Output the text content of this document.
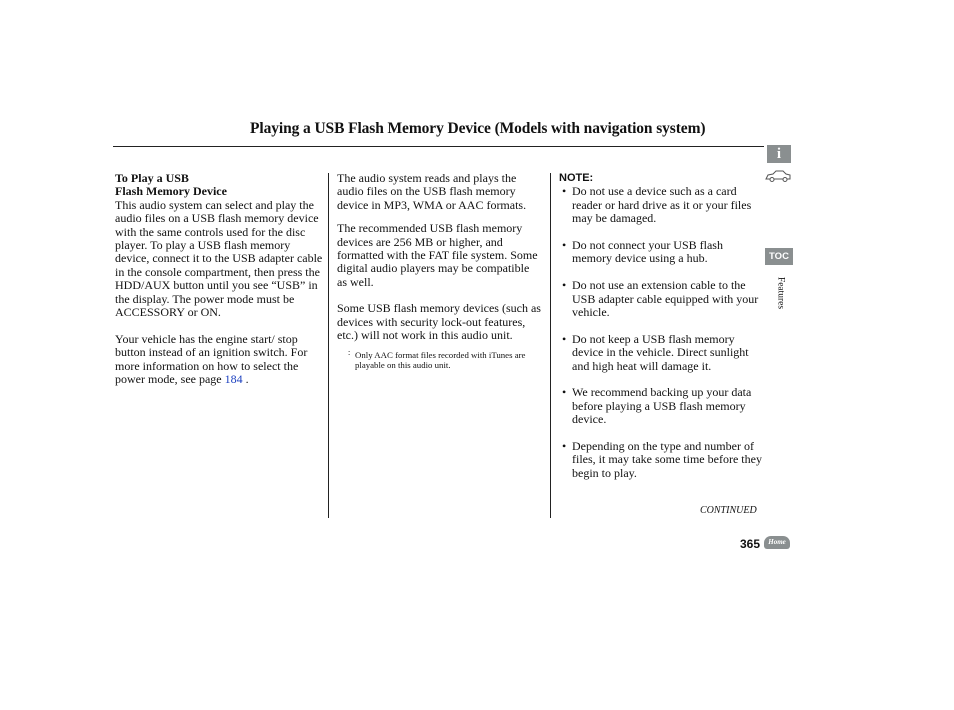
Playing a USB Flash Memory Device (Models with navigation system)

To Play a USB

Flash Memory Device

This audio system can select and play the audio files on a USB flash memory device with the same controls used for the disc player. To play a USB flash memory device, connect it to the USB adapter cable in the console compartment, then press the HDD/AUX button until you see “USB” in the display. The power mode must be ACCESSORY or ON.

Your vehicle has the engine start/ stop button instead of an ignition switch. For more information on how to select the power mode, see page 184 .

The audio system reads and plays the audio files on the USB flash memory device in MP3, WMA or AAC formats.

The recommended USB flash memory devices are 256 MB or higher, and formatted with the FAT file system. Some digital audio players may be compatible as well.

Some USB flash memory devices (such as devices with security lock-out features, etc.) will not work in this audio unit.

: Only AAC format files recorded with iTunes are playable on this audio unit.

NOTE:

• Do not use a device such as a card reader or hard drive as it or your files may be damaged.
• Do not connect your USB flash memory device using a hub.
• Do not use an extension cable to the USB adapter cable equipped with your vehicle.
• Do not keep a USB flash memory device in the vehicle. Direct sunlight and high heat will damage it.
• We recommend backing up your data before playing a USB flash memory device.
• Depending on the type and number of files, it may take some time before they begin to play.
CONTINUED
365	Home
i
TOC
Features
